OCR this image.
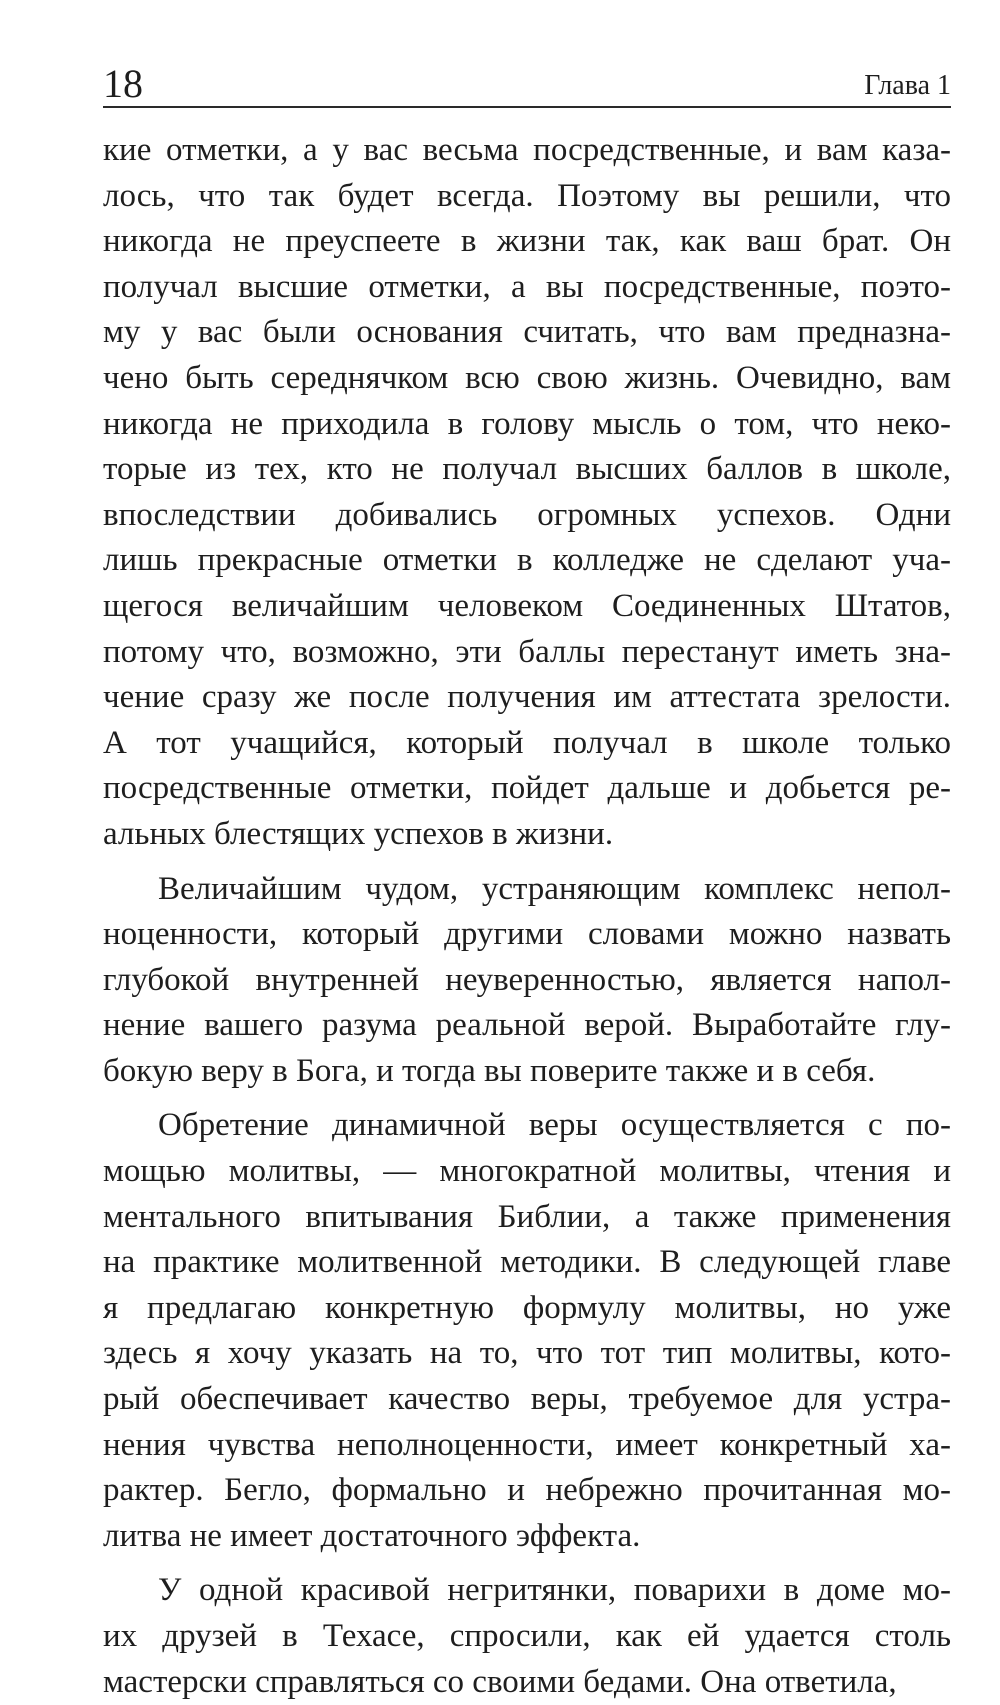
18	Глава 1
кие отметки, а у вас весьма посредственные, и вам каза-
лось, что так будет всегда. Поэтому вы решили, что
никогда не преуспеете в жизни так, как ваш брат. Он
получал высшие отметки, а вы посредственные, поэто-
му у вас были основания считать, что вам предназна-
чено быть середнячком всю свою жизнь. Очевидно, вам
никогда не приходила в голову мысль о том, что неко-
торые из тех, кто не получал высших баллов в школе,
впоследствии добивались огромных успехов. Одни
лишь прекрасные отметки в колледже не сделают уча-
щегося величайшим человеком Соединенных Штатов,
потому что, возможно, эти баллы перестанут иметь зна-
чение сразу же после получения им аттестата зрелости.
А тот учащийся, который получал в школе только
посредственные отметки, пойдет дальше и добьется ре-
альных блестящих успехов в жизни.
Величайшим чудом, устраняющим комплекс непол-
ноценности, который другими словами можно назвать
глубокой внутренней неуверенностью, является напол-
нение вашего разума реальной верой. Выработайте глу-
бокую веру в Бога, и тогда вы поверите также и в себя.
Обретение динамичной веры осуществляется с по-
мощью молитвы, — многократной молитвы, чтения и
ментального впитывания Библии, а также применения
на практике молитвенной методики. В следующей главе
я предлагаю конкретную формулу молитвы, но уже
здесь я хочу указать на то, что тот тип молитвы, кото-
рый обеспечивает качество веры, требуемое для устра-
нения чувства неполноценности, имеет конкретный ха-
рактер. Бегло, формально и небрежно прочитанная мо-
литва не имеет достаточного эффекта.
У одной красивой негритянки, поварихи в доме мо-
их друзей в Техасе, спросили, как ей удается столь
мастерски справляться со своими бедами. Она ответила,
